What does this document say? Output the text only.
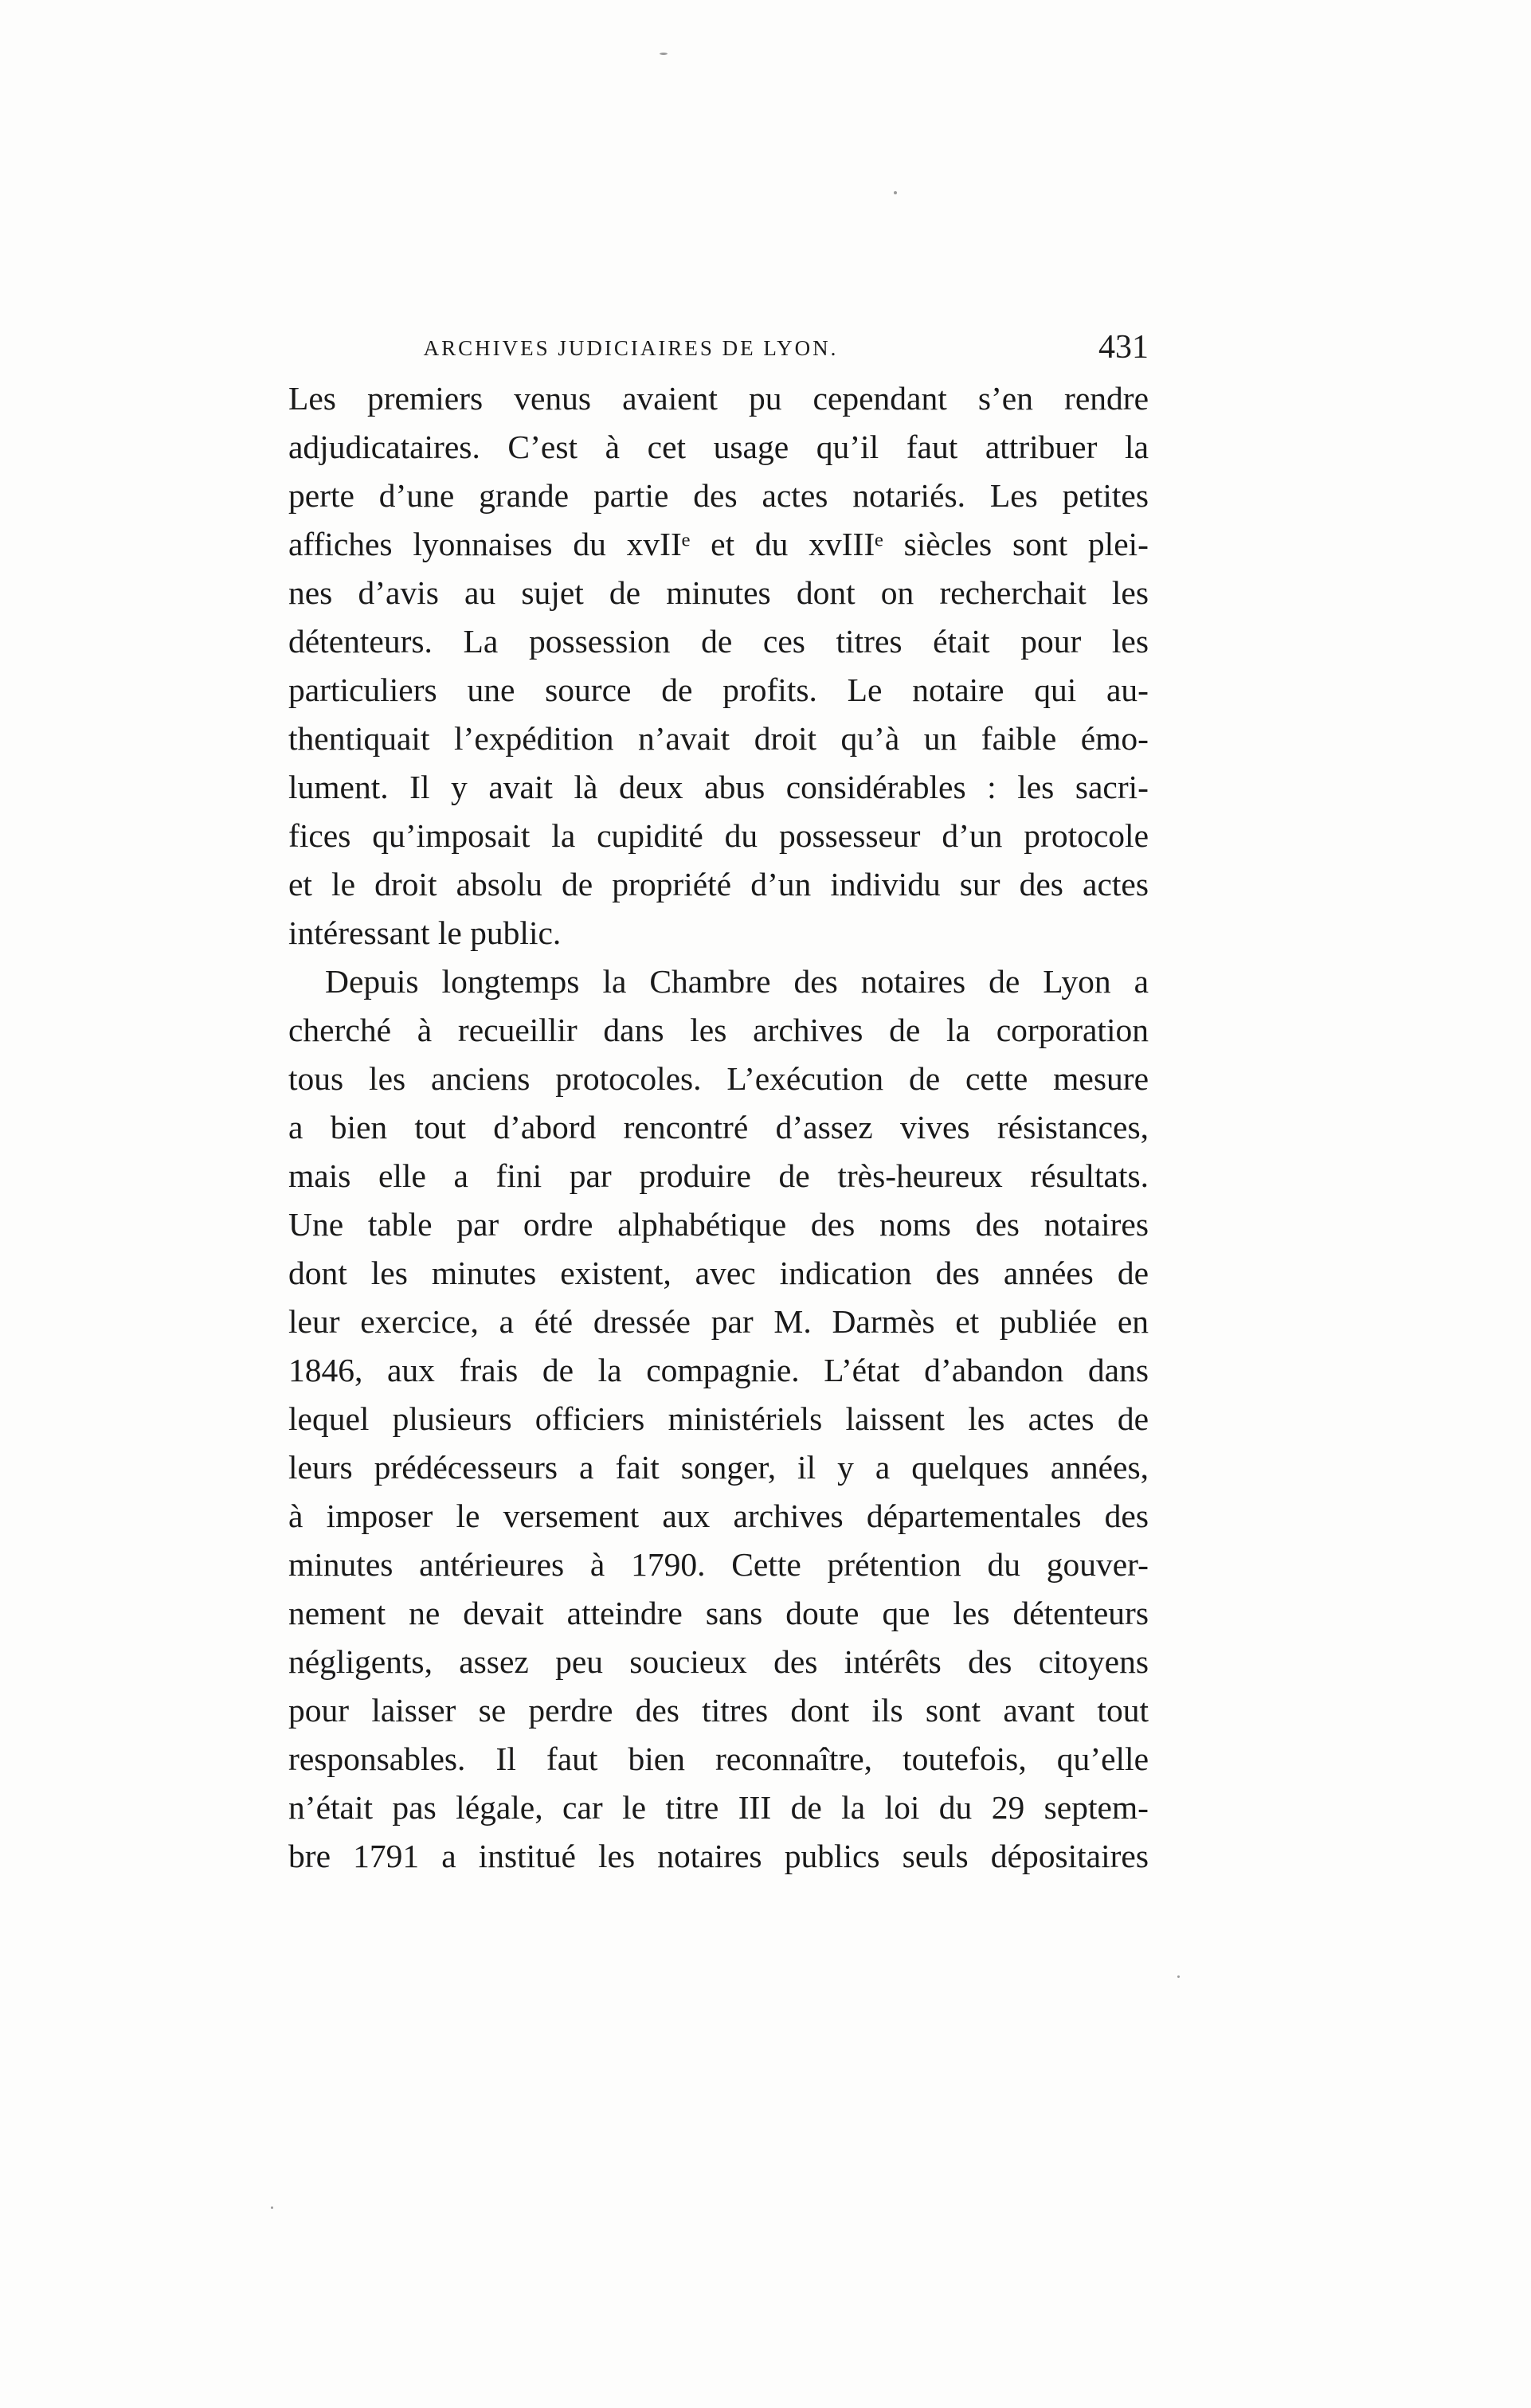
ARCHIVES JUDICIAIRES DE LYON.	431
Les premiers venus avaient pu cependant s’en rendre
adjudicataires. C’est à cet usage qu’il faut attribuer la
perte d’une grande partie des actes notariés. Les petites
affiches lyonnaises du xvIIᵉ et du xvIIIᵉ siècles sont plei-
nes d’avis au sujet de minutes dont on recherchait les
détenteurs. La possession de ces titres était pour les
particuliers une source de profits. Le notaire qui au-
thentiquait l’expédition n’avait droit qu’à un faible émo-
lument. Il y avait là deux abus considérables : les sacri-
fices qu’imposait la cupidité du possesseur d’un protocole
et le droit absolu de propriété d’un individu sur des actes
intéressant le public.
Depuis longtemps la Chambre des notaires de Lyon a
cherché à recueillir dans les archives de la corporation
tous les anciens protocoles. L’exécution de cette mesure
a bien tout d’abord rencontré d’assez vives résistances,
mais elle a fini par produire de très-heureux résultats.
Une table par ordre alphabétique des noms des notaires
dont les minutes existent, avec indication des années de
leur exercice, a été dressée par M. Darmès et publiée en
1846, aux frais de la compagnie. L’état d’abandon dans
lequel plusieurs officiers ministériels laissent les actes de
leurs prédécesseurs a fait songer, il y a quelques années,
à imposer le versement aux archives départementales des
minutes antérieures à 1790. Cette prétention du gouver-
nement ne devait atteindre sans doute que les détenteurs
négligents, assez peu soucieux des intérêts des citoyens
pour laisser se perdre des titres dont ils sont avant tout
responsables. Il faut bien reconnaître, toutefois, qu’elle
n’était pas légale, car le titre III de la loi du 29 septem-
bre 1791 a institué les notaires publics seuls dépositaires
